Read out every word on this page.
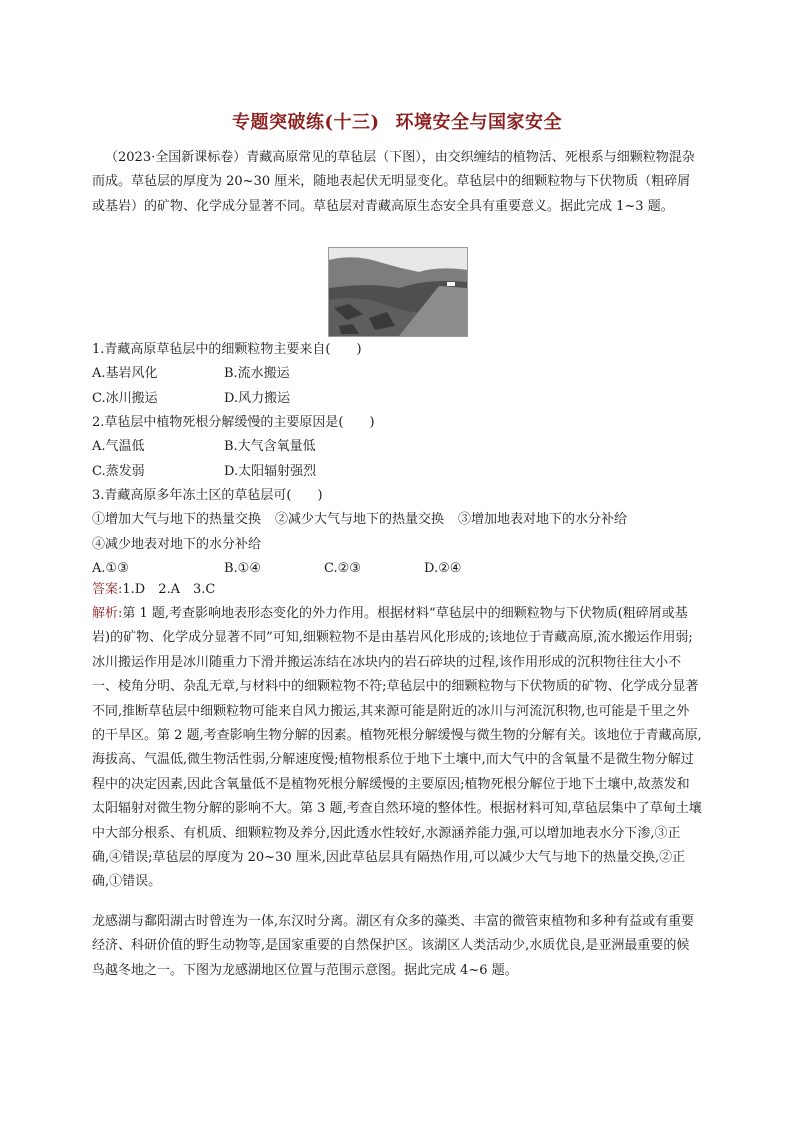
专题突破练(十三) 环境安全与国家安全

（2023·全国新课标卷）青藏高原常见的草毡层（下图），由交织缠结的植物活、死根系与细颗粒物混杂而成。草毡层的厚度为 20~30 厘米，随地表起伏无明显变化。草毡层中的细颗粒物与下伏物质（粗碎屑或基岩）的矿物、化学成分显著不同。草毡层对青藏高原生态安全具有重要意义。据此完成 1~3 题。

1.青藏高原草毡层中的细颗粒物主要来自(　　)
A.基岩风化	B.流水搬运
C.冰川搬运	D.风力搬运
2.草毡层中植物死根分解缓慢的主要原因是(　　)
A.气温低	B.大气含氧量低
C.蒸发弱	D.太阳辐射强烈
3.青藏高原多年冻土区的草毡层可(　　)
①增加大气与地下的热量交换 ②减少大气与地下的热量交换 ③增加地表对地下的水分补给
④减少地表对地下的水分补给
A.①③	B.①④	C.②③	D.②④

答案:1.D　2.A　3.C

解析:第 1 题,考查影响地表形态变化的外力作用。根据材料“草毡层中的细颗粒物与下伏物质(粗碎屑或基岩)的矿物、化学成分显著不同”可知,细颗粒物不是由基岩风化形成的;该地位于青藏高原,流水搬运作用弱;冰川搬运作用是冰川随重力下滑并搬运冻结在冰块内的岩石碎块的过程,该作用形成的沉积物往往大小不一、棱角分明、杂乱无章,与材料中的细颗粒物不符;草毡层中的细颗粒物与下伏物质的矿物、化学成分显著不同,推断草毡层中细颗粒物可能来自风力搬运,其来源可能是附近的冰川与河流沉积物,也可能是千里之外的干旱区。第 2 题,考查影响生物分解的因素。植物死根分解缓慢与微生物的分解有关。该地位于青藏高原,海拔高、气温低,微生物活性弱,分解速度慢;植物根系位于地下土壤中,而大气中的含氧量不是微生物分解过程中的决定因素,因此含氧量低不是植物死根分解缓慢的主要原因;植物死根分解位于地下土壤中,故蒸发和太阳辐射对微生物分解的影响不大。第 3 题,考查自然环境的整体性。根据材料可知,草毡层集中了草甸土壤中大部分根系、有机质、细颗粒物及养分,因此透水性较好,水源涵养能力强,可以增加地表水分下渗,③正确,④错误;草毡层的厚度为 20~30 厘米,因此草毡层具有隔热作用,可以减少大气与地下的热量交换,②正确,①错误。

龙感湖与鄱阳湖古时曾连为一体,东汉时分离。湖区有众多的藻类、丰富的微管束植物和多种有益或有重要经济、科研价值的野生动物等,是国家重要的自然保护区。该湖区人类活动少,水质优良,是亚洲最重要的候鸟越冬地之一。下图为龙感湖地区位置与范围示意图。据此完成 4~6 题。
